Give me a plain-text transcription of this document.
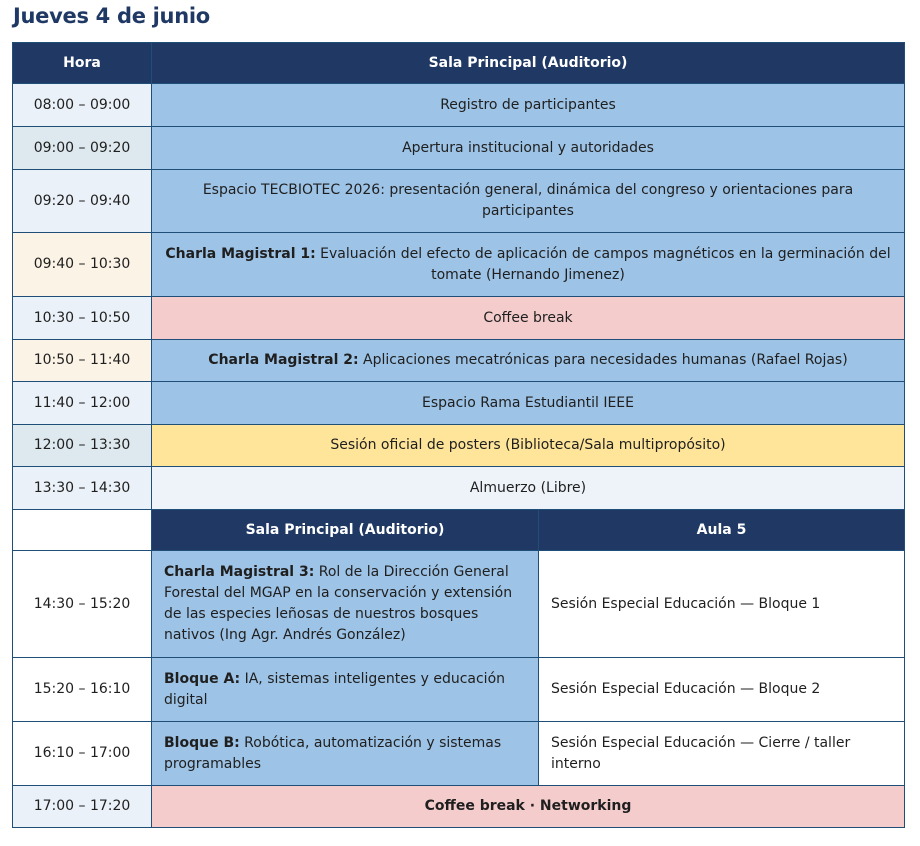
Jueves 4 de junio
Hora	Sala Principal (Auditorio)	
08:00 – 09:00	Registro de participantes	
09:00 – 09:20	Apertura institucional y autoridades	
09:20 – 09:40	Espacio TECBIOTEC 2026: presentación general, dinámica del congreso y orientaciones para participantes	
09:40 – 10:30	Charla Magistral 1: Evaluación del efecto de aplicación de campos magnéticos en la germinación del tomate (Hernando Jimenez)	
10:30 – 10:50	Coffee break	
10:50 – 11:40	Charla Magistral 2: Aplicaciones mecatrónicas para necesidades humanas (Rafael Rojas)	
11:40 – 12:00	Espacio Rama Estudiantil IEEE	
12:00 – 13:30	Sesión oficial de posters (Biblioteca/Sala multipropósito)	
13:30 – 14:30	Almuerzo (Libre)	
	Sala Principal (Auditorio)	Aula 5
14:30 – 15:20	Charla Magistral 3: Rol de la Dirección General Forestal del MGAP en la conservación y extensión de las especies leñosas de nuestros bosques nativos (Ing Agr. Andrés González)	Sesión Especial Educación — Bloque 1
15:20 – 16:10	Bloque A: IA, sistemas inteligentes y educación digital	Sesión Especial Educación — Bloque 2
16:10 – 17:00	Bloque B: Robótica, automatización y sistemas programables	Sesión Especial Educación — Cierre / taller interno
17:00 – 17:20	Coffee break · Networking	
